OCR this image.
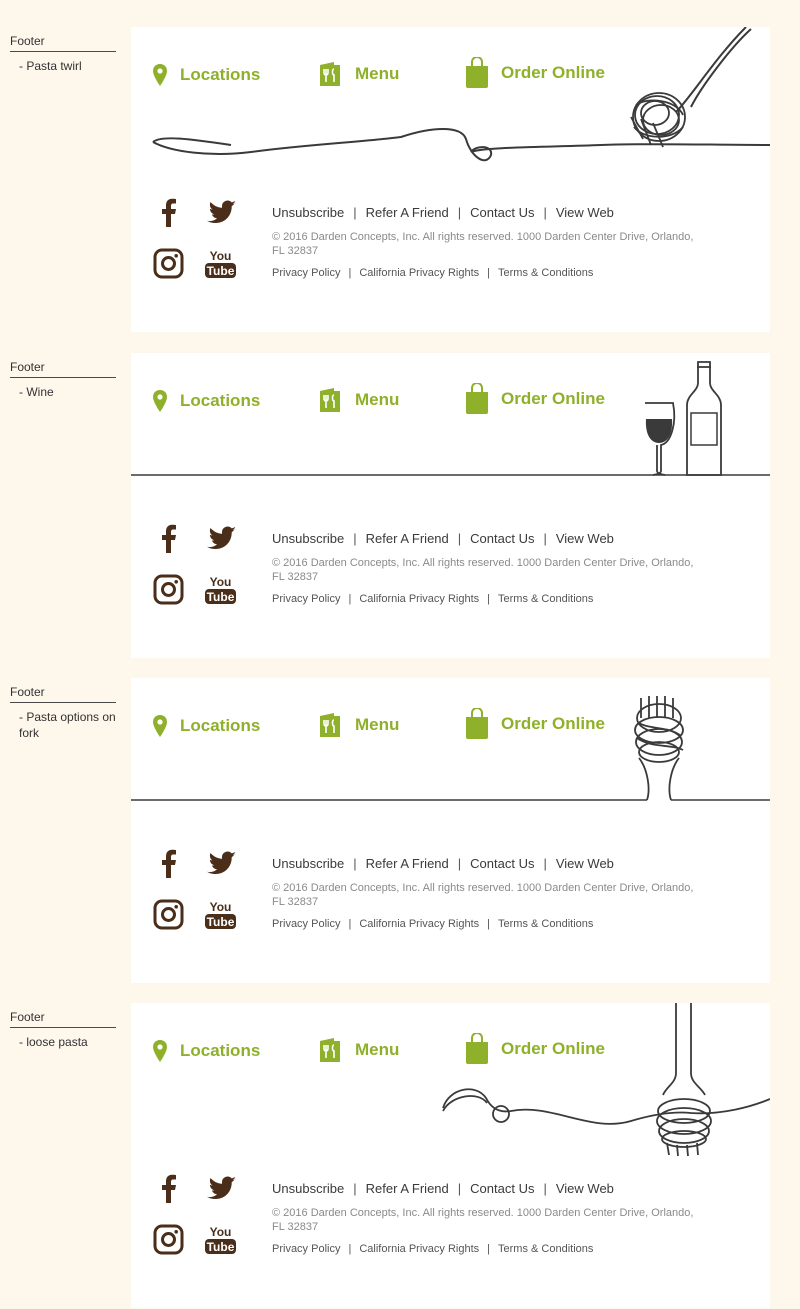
Footer
- Pasta twirl	Locations	Menu	Order Online
You
Tube
Unsubscribe | Refer A Friend | Contact Us | View Web
© 2016 Darden Concepts, Inc. All rights reserved. 1000 Darden Center Drive, Orlando, FL 32837
Privacy Policy | California Privacy Rights | Terms & Conditions
Footer
- Wine	Locations	Menu	Order Online
You
Tube
Unsubscribe | Refer A Friend | Contact Us | View Web
© 2016 Darden Concepts, Inc. All rights reserved. 1000 Darden Center Drive, Orlando, FL 32837
Privacy Policy | California Privacy Rights | Terms & Conditions
Footer
- Pasta options on fork	Locations	Menu	Order Online
You
Tube
Unsubscribe | Refer A Friend | Contact Us | View Web
© 2016 Darden Concepts, Inc. All rights reserved. 1000 Darden Center Drive, Orlando, FL 32837
Privacy Policy | California Privacy Rights | Terms & Conditions
Footer
- loose pasta	Locations	Menu	Order Online
You
Tube
Unsubscribe | Refer A Friend | Contact Us | View Web
© 2016 Darden Concepts, Inc. All rights reserved. 1000 Darden Center Drive, Orlando, FL 32837
Privacy Policy | California Privacy Rights | Terms & Conditions
